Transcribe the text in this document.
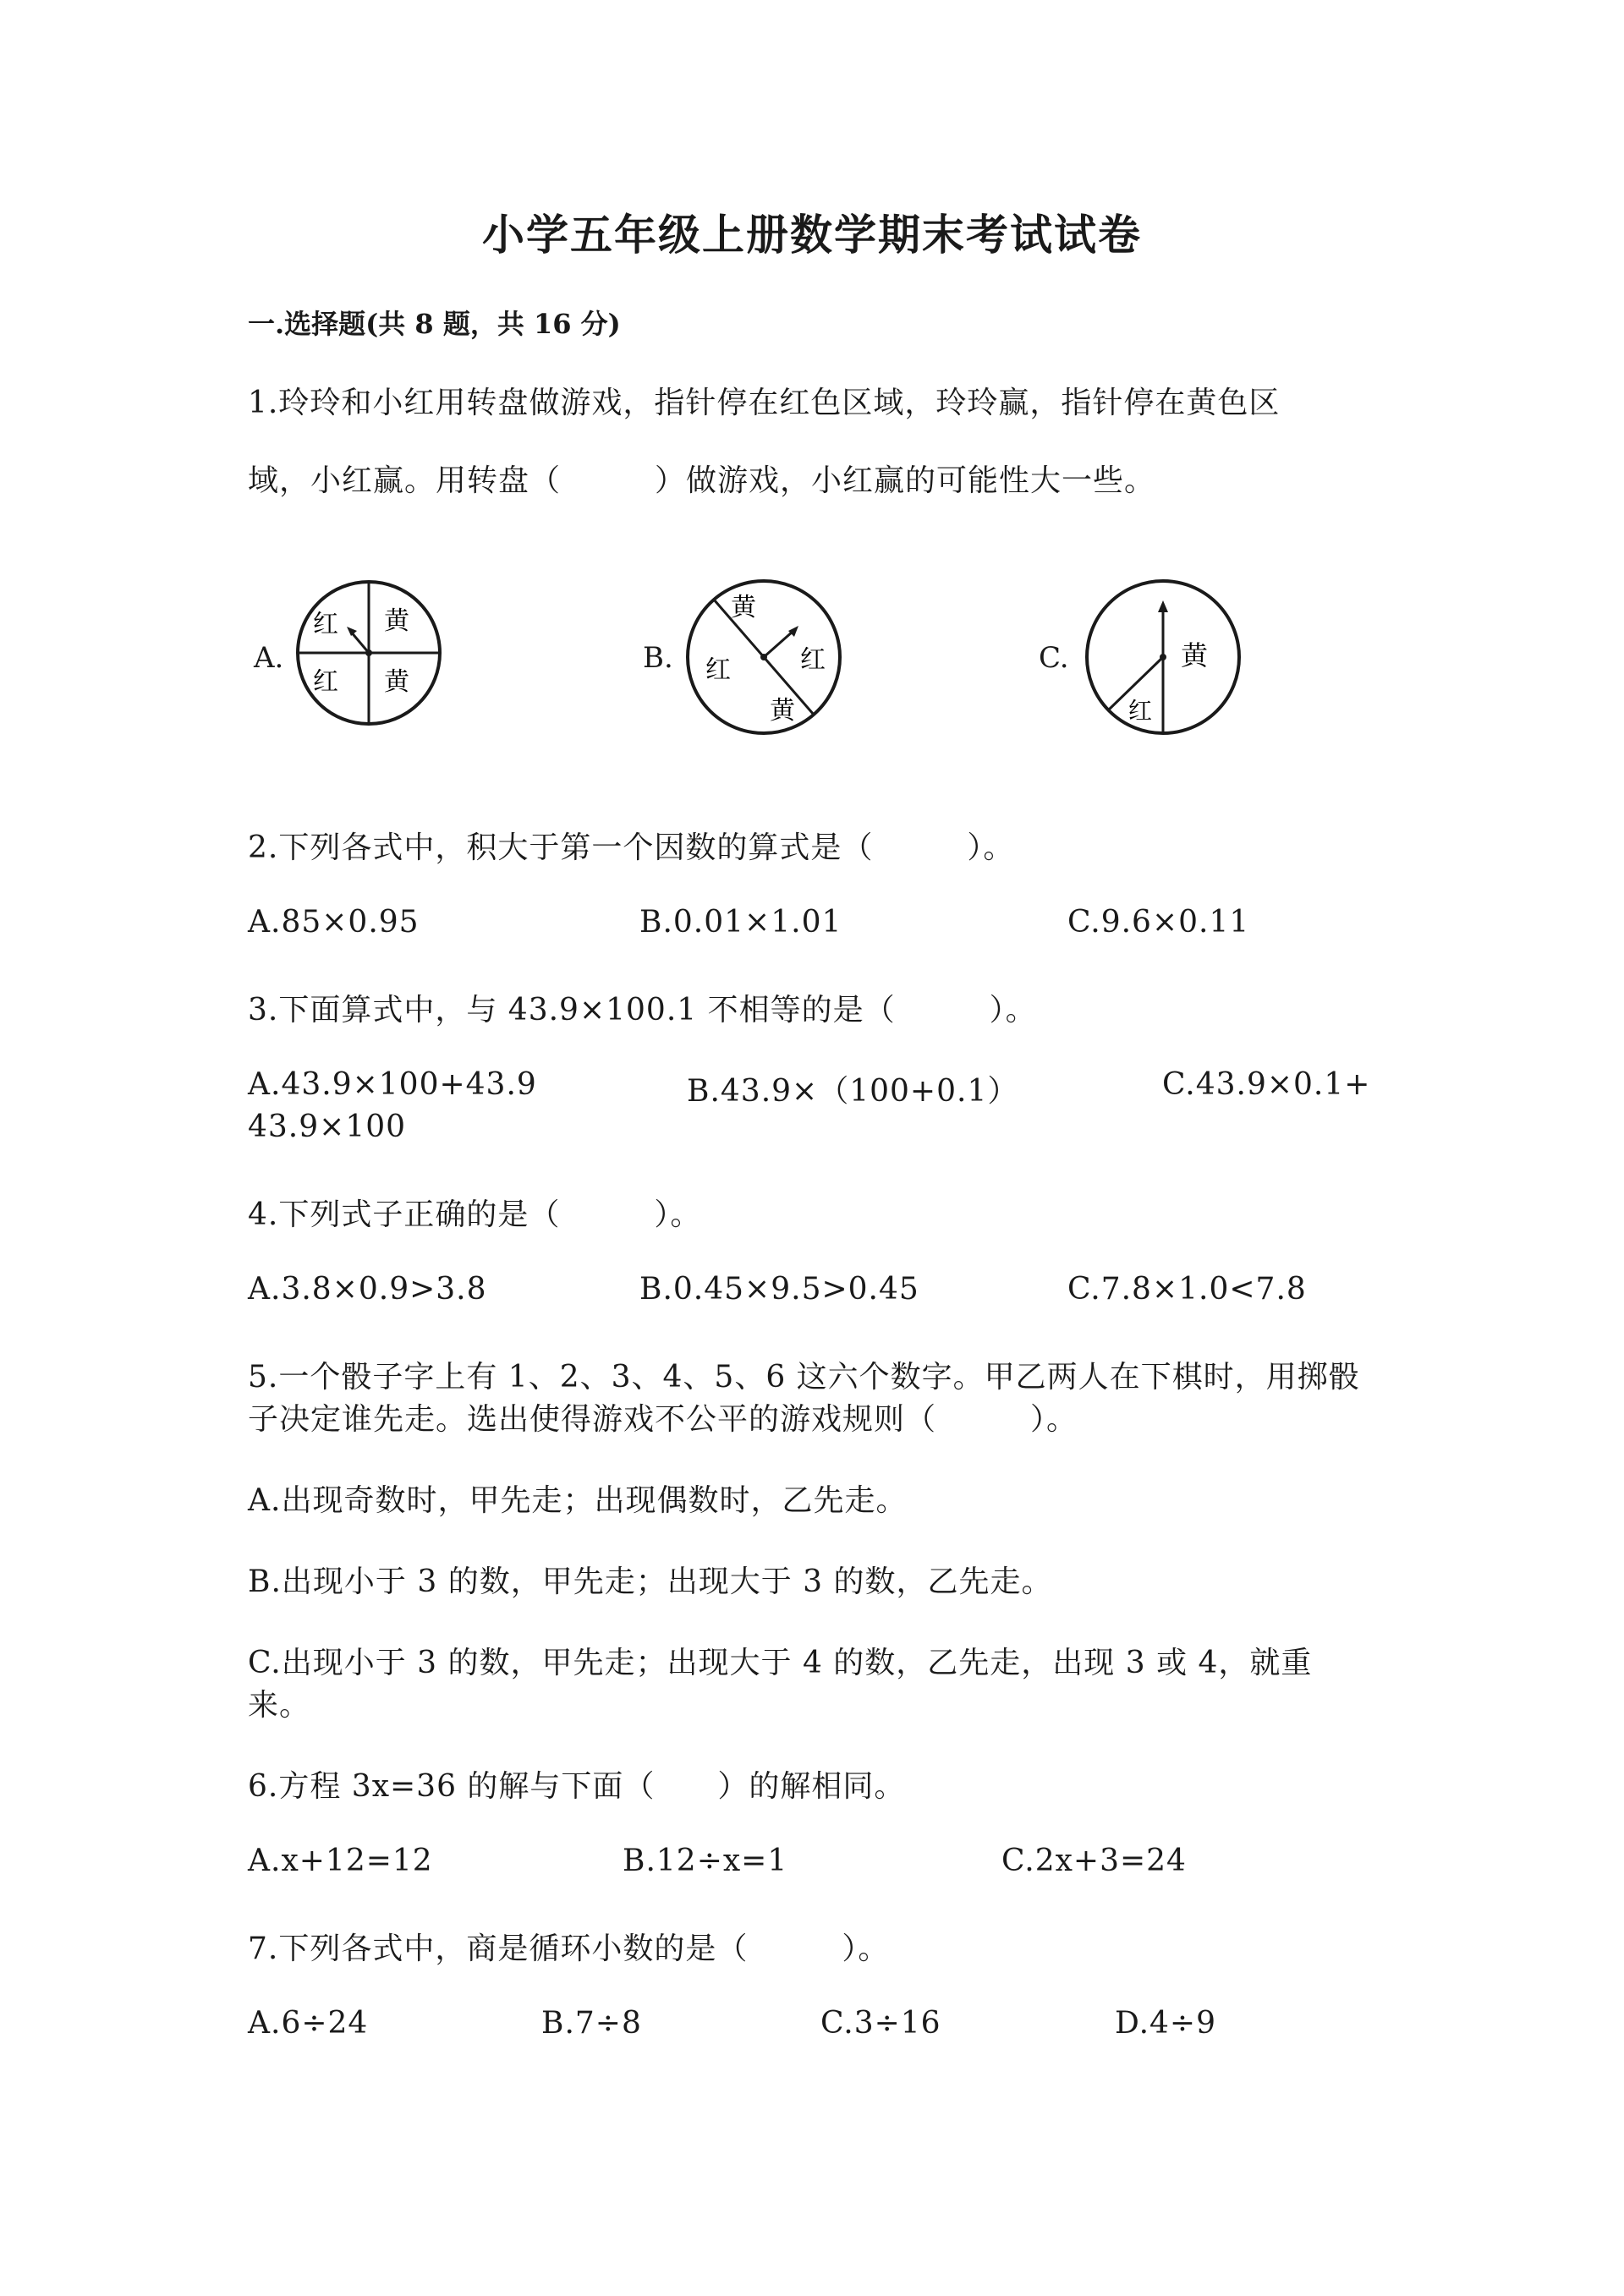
小学五年级上册数学期末考试试卷
一.选择题(共 8 题，共 16 分)
1.玲玲和小红用转盘做游戏，指针停在红色区域，玲玲赢，指针停在黄色区
域，小红赢。用转盘（　　　）做游戏，小红赢的可能性大一些。
A.
红 黄
红 黄
B.
黄
红
红
黄
C.	黄
红
2.下列各式中，积大于第一个因数的算式是（　　　）。
A.85×0.95	B.0.01×1.01	C.9.6×0.11
3.下面算式中，与 43.9×100.1 不相等的是（　　　）。
A.43.9×100+43.9	B.43.9×（100+0.1）	C.43.9×0.1+
43.9×100
4.下列式子正确的是（　　　）。
A.3.8×0.9>3.8	B.0.45×9.5>0.45	C.7.8×1.0<7.8
5.一个骰子字上有 1、2、3、4、5、6 这六个数字。甲乙两人在下棋时，用掷骰
子决定谁先走。选出使得游戏不公平的游戏规则（　　　）。
A.出现奇数时，甲先走；出现偶数时，乙先走。
B.出现小于 3 的数，甲先走；出现大于 3 的数，乙先走。
C.出现小于 3 的数，甲先走；出现大于 4 的数，乙先走，出现 3 或 4，就重
来。
6.方程 3x=36 的解与下面（　　）的解相同。
A.x+12=12	B.12÷x=1	C.2x+3=24
7.下列各式中，商是循环小数的是（　　　）。
A.6÷24	B.7÷8	C.3÷16	D.4÷9
